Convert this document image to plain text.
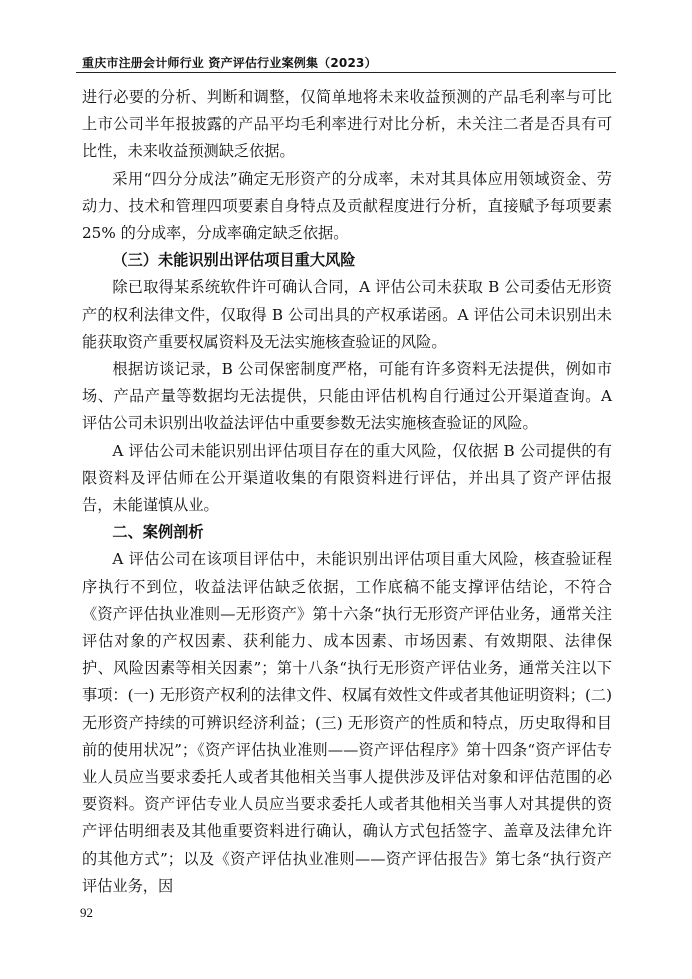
重庆市注册会计师行业 资产评估行业案例集（2023）

进行必要的分析、判断和调整，仅简单地将未来收益预测的产品毛利率与可比上市公司半年报披露的产品平均毛利率进行对比分析，未关注二者是否具有可比性，未来收益预测缺乏依据。

采用“四分分成法”确定无形资产的分成率，未对其具体应用领域资金、劳动力、技术和管理四项要素自身特点及贡献程度进行分析，直接赋予每项要素 25% 的分成率，分成率确定缺乏依据。

（三）未能识别出评估项目重大风险

除已取得某系统软件许可确认合同，A 评估公司未获取 B 公司委估无形资产的权利法律文件，仅取得 B 公司出具的产权承诺函。A 评估公司未识别出未能获取资产重要权属资料及无法实施核查验证的风险。

根据访谈记录，B 公司保密制度严格，可能有许多资料无法提供，例如市场、产品产量等数据均无法提供，只能由评估机构自行通过公开渠道查询。A 评估公司未识别出收益法评估中重要参数无法实施核查验证的风险。

A 评估公司未能识别出评估项目存在的重大风险，仅依据 B 公司提供的有限资料及评估师在公开渠道收集的有限资料进行评估，并出具了资产评估报告，未能谨慎从业。

二、案例剖析

A 评估公司在该项目评估中，未能识别出评估项目重大风险，核查验证程序执行不到位，收益法评估缺乏依据，工作底稿不能支撑评估结论，不符合《资产评估执业准则—无形资产》第十六条“执行无形资产评估业务，通常关注评估对象的产权因素、获利能力、成本因素、市场因素、有效期限、法律保护、风险因素等相关因素”；第十八条“执行无形资产评估业务，通常关注以下事项：(一) 无形资产权利的法律文件、权属有效性文件或者其他证明资料；(二) 无形资产持续的可辨识经济利益；(三) 无形资产的性质和特点，历史取得和目前的使用状况”；《资产评估执业准则——资产评估程序》第十四条“资产评估专业人员应当要求委托人或者其他相关当事人提供涉及评估对象和评估范围的必要资料。资产评估专业人员应当要求委托人或者其他相关当事人对其提供的资产评估明细表及其他重要资料进行确认，确认方式包括签字、盖章及法律允许的其他方式”；以及《资产评估执业准则——资产评估报告》第七条“执行资产评估业务，因

92
